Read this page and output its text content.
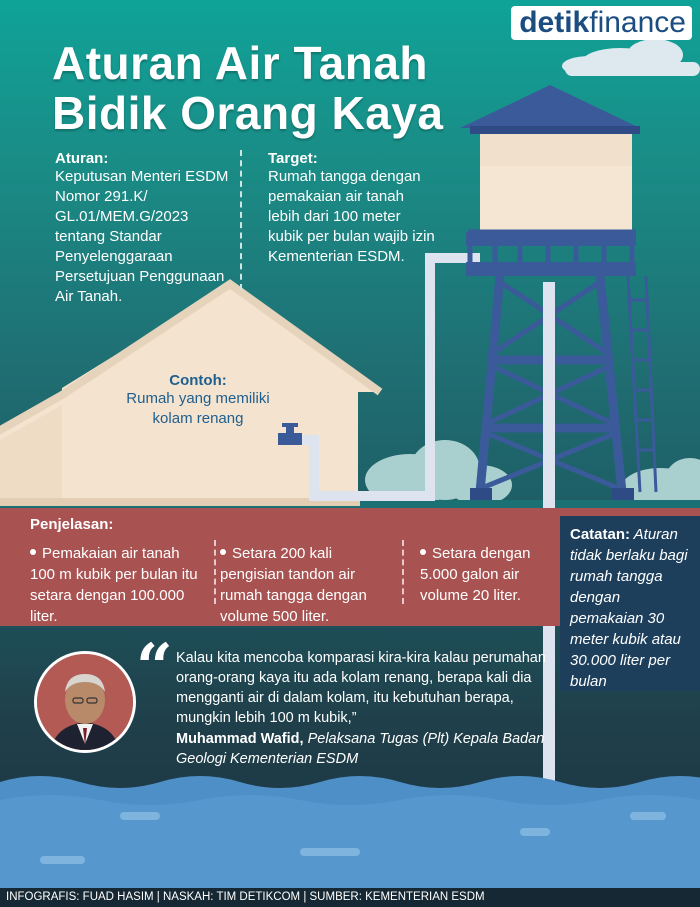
detikfinance
Aturan Air Tanah
Bidik Orang Kaya
Aturan:
Keputusan Menteri ESDM Nomor 291.K/ GL.01/MEM.G/2023 tentang Standar Penyelenggaraan Persetujuan Penggunaan Air Tanah.
Target:
Rumah tangga dengan pemakaian air tanah lebih dari 100 meter kubik per bulan wajib izin Kementerian ESDM.
Contoh:
Rumah yang memiliki kolam renang
Penjelasan:
Pemakaian air tanah 100 m kubik per bulan itu setara dengan 100.000 liter.
Setara 200 kali pengisian tandon air rumah tangga dengan volume 500 liter.
Setara dengan 5.000 galon air volume 20 liter.
Catatan: Aturan tidak berlaku bagi rumah tangga dengan pemakaian 30 meter kubik atau 30.000 liter per bulan
“ Kalau kita mencoba komparasi kira-kira kalau perumahan orang-orang kaya itu ada kolam renang, berapa kali dia mengganti air di dalam kolam, itu kebutuhan berapa, mungkin lebih 100 m kubik,”
Muhammad Wafid, Pelaksana Tugas (Plt) Kepala Badan Geologi Kementerian ESDM
INFOGRAFIS: FUAD HASIM | NASKAH: TIM DETIKCOM | SUMBER: KEMENTERIAN ESDM
